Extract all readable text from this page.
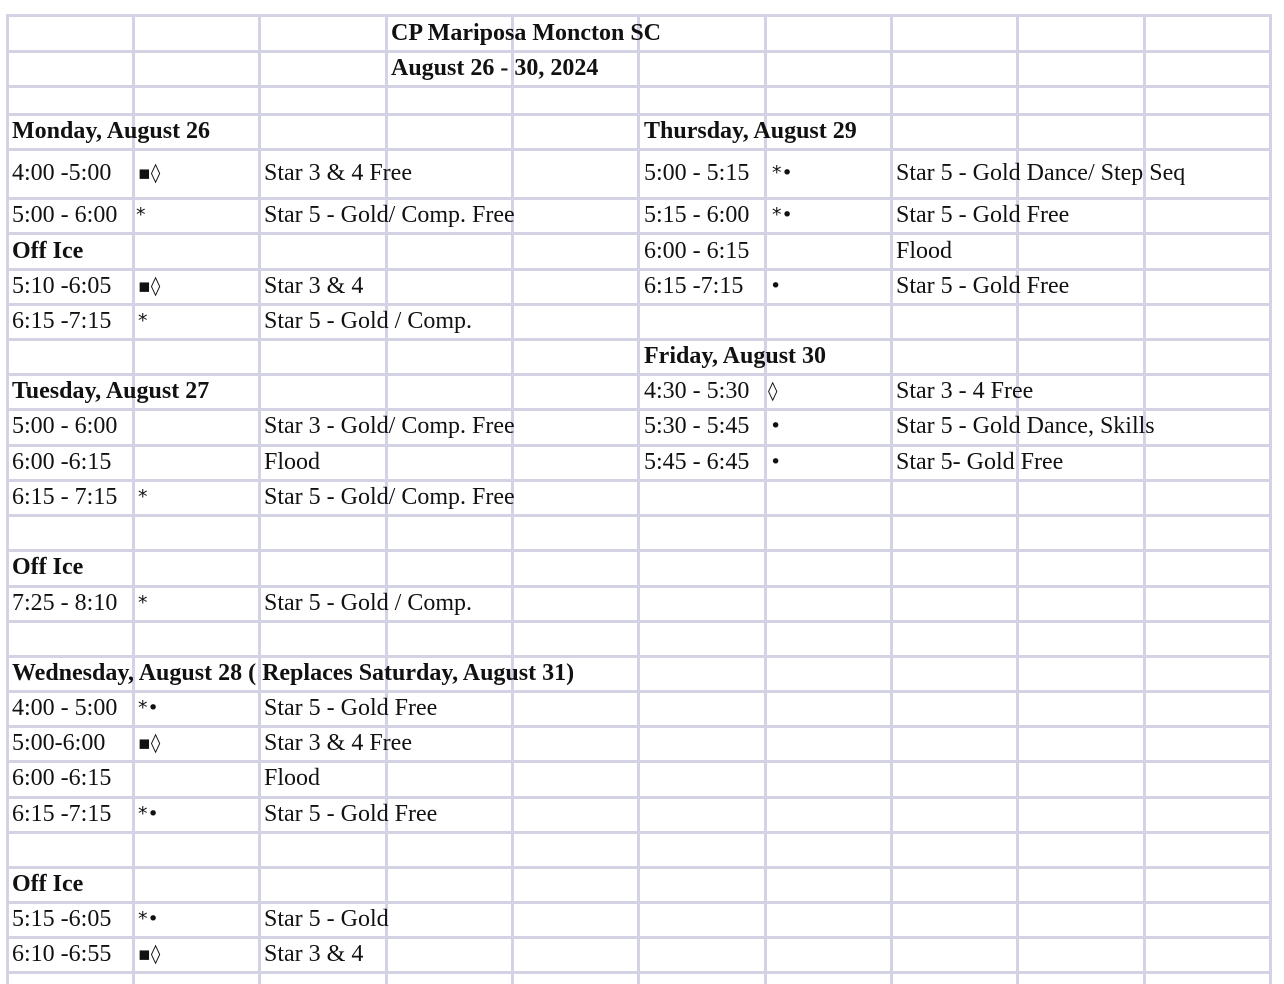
CP Mariposa Moncton SC
August 26 - 30, 2024
Monday, August 26
4:00 -5:00 ▪◊	Star 3 & 4 Free
5:00 - 6:00 *	Star 5 - Gold/ Comp. Free
Off Ice
5:10 -6:05 ▪◊	Star 3 & 4
6:15 -7:15 *	Star 5 - Gold / Comp.
Tuesday, August 27
5:00 - 6:00	Star 3 - Gold/ Comp. Free
6:00 -6:15	Flood
6:15 - 7:15 *	Star 5 - Gold/ Comp. Free
Off Ice
7:25 - 8:10 *	Star 5 - Gold / Comp.
Wednesday, August 28 ( Replaces Saturday, August 31)
4:00 - 5:00 *•	Star 5 - Gold Free
5:00-6:00 ▪◊	Star 3 & 4 Free
6:00 -6:15	Flood
6:15 -7:15 *•	Star 5 - Gold Free
Off Ice
5:15 -6:05 *•	Star 5 - Gold
6:10 -6:55 ▪◊	Star 3 & 4
Thursday, August 29
5:00 - 5:15 *•	Star 5 - Gold Dance/ Step Seq
5:15 - 6:00 *•	Star 5 - Gold Free
6:00 - 6:15	Flood
6:15 -7:15 •	Star 5 - Gold Free
Friday, August 30
4:30 - 5:30 ◊	Star 3 - 4 Free
5:30 - 5:45 •	Star 5 - Gold Dance, Skills
5:45 - 6:45 •	Star 5- Gold Free
